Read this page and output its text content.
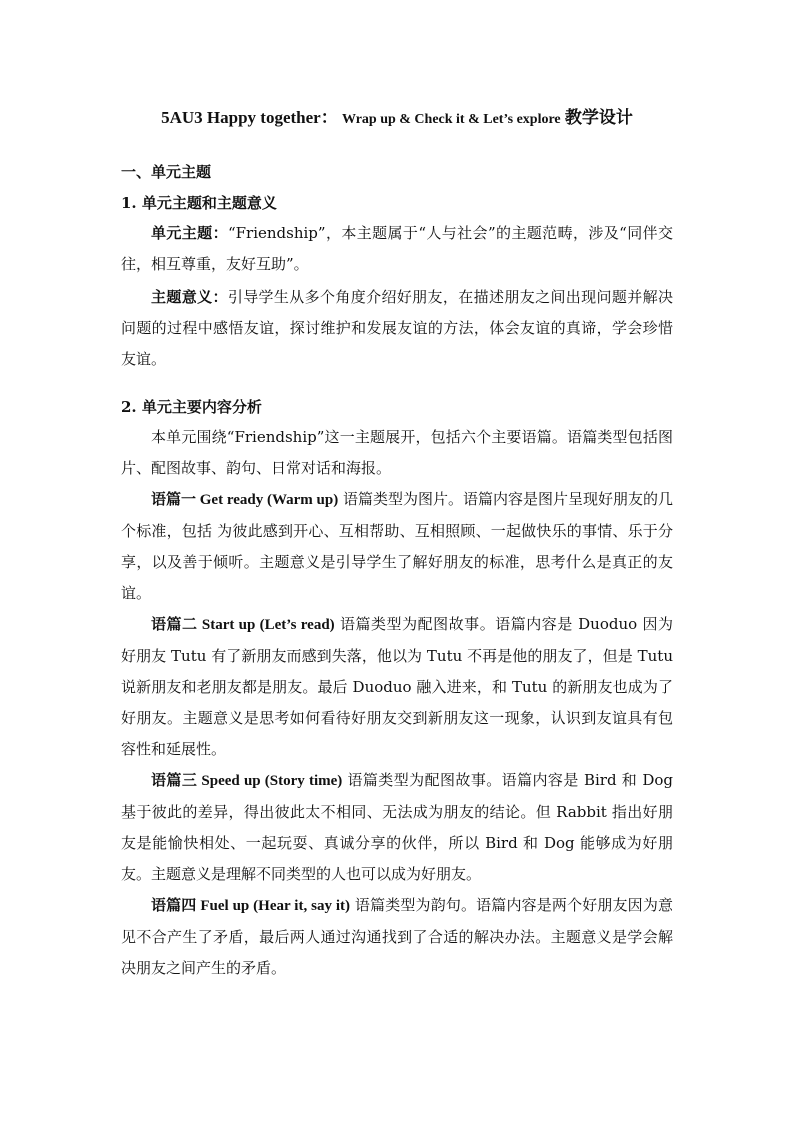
5AU3 Happy together： Wrap up & Check it & Let’s explore 教学设计
一、单元主题
1. 单元主题和主题意义

单元主题：“Friendship”，本主题属于“人与社会”的主题范畴，涉及“同伴交往，相互尊重，友好互助”。

主题意义：引导学生从多个角度介绍好朋友，在描述朋友之间出现问题并解决问题的过程中感悟友谊，探讨维护和发展友谊的方法，体会友谊的真谛，学会珍惜友谊。

2. 单元主要内容分析

本单元围绕“Friendship”这一主题展开，包括六个主要语篇。语篇类型包括图片、配图故事、韵句、日常对话和海报。

语篇一 Get ready (Warm up) 语篇类型为图片。语篇内容是图片呈现好朋友的几个标准，包括 为彼此感到开心、互相帮助、互相照顾、一起做快乐的事情、乐于分享，以及善于倾听。主题意义是引导学生了解好朋友的标准，思考什么是真正的友谊。

语篇二 Start up (Let’s read) 语篇类型为配图故事。语篇内容是 Duoduo 因为好朋友 Tutu 有了新朋友而感到失落，他以为 Tutu 不再是他的朋友了，但是 Tutu 说新朋友和老朋友都是朋友。最后 Duoduo 融入进来，和 Tutu 的新朋友也成为了好朋友。主题意义是思考如何看待好朋友交到新朋友这一现象，认识到友谊具有包容性和延展性。

语篇三 Speed up (Story time) 语篇类型为配图故事。语篇内容是 Bird 和 Dog 基于彼此的差异，得出彼此太不相同、无法成为朋友的结论。但 Rabbit 指出好朋友是能愉快相处、一起玩耍、真诚分享的伙伴，所以 Bird 和 Dog 能够成为好朋友。主题意义是理解不同类型的人也可以成为好朋友。

语篇四 Fuel up (Hear it, say it) 语篇类型为韵句。语篇内容是两个好朋友因为意见不合产生了矛盾，最后两人通过沟通找到了合适的解决办法。主题意义是学会解决朋友之间产生的矛盾。
